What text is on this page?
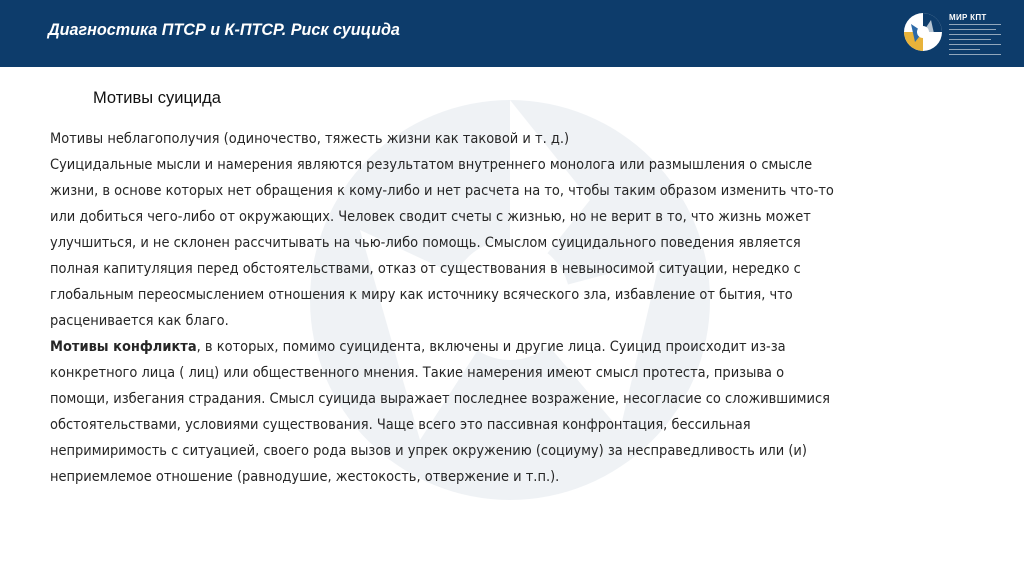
Диагностика ПТСР и К-ПТСР. Риск суицида
МИР КПТ
Мотивы суицида
Мотивы неблагополучия (одиночество, тяжесть жизни как таковой и т. д.)
Суицидальные мысли и намерения являются результатом внутреннего монолога или размышления о смысле
жизни, в основе которых нет обращения к кому-либо и нет расчета на то, чтобы таким образом изменить что-то
или добиться чего-либо от окружающих. Человек сводит счеты с жизнью, но не верит в то, что жизнь может
улучшиться, и не склонен рассчитывать на чью-либо помощь. Смыслом суицидального поведения является
полная капитуляция перед обстоятельствами, отказ от существования в невыносимой ситуации, нередко с
глобальным переосмыслением отношения к миру как источнику всяческого зла, избавление от бытия, что
расценивается как благо.
Мотивы конфликта, в которых, помимо суицидента, включены и другие лица. Суицид происходит из-за
конкретного лица ( лиц) или общественного мнения. Такие намерения имеют смысл протеста, призыва о
помощи, избегания страдания. Смысл суицида выражает последнее возражение, несогласие со сложившимися
обстоятельствами, условиями существования. Чаще всего это пассивная конфронтация, бессильная
непримиримость с ситуацией, своего рода вызов и упрек окружению (социуму) за несправедливость или (и)
неприемлемое отношение (равнодушие, жестокость, отвержение и т.п.).
